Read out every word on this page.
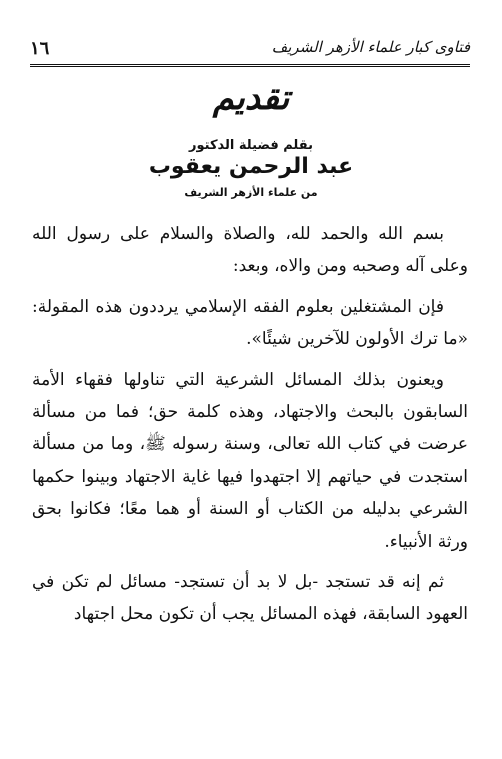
فتاوى كبار علماء الأزهر الشريف
١٦
تقديم
بقلم فضيلة الدكتور
عبد الرحمن يعقوب
من علماء الأزهر الشريف

بسم الله والحمد لله، والصلاة والسلام على رسول الله وعلى آله وصحبه ومن والاه، وبعد:

فإن المشتغلين بعلوم الفقه الإسلامي يرددون هذه المقولة: «ما ترك الأولون للآخرين شيئًا».

ويعنون بذلك المسائل الشرعية التي تناولها فقهاء الأمة السابقون بالبحث والاجتهاد، وهذه كلمة حق؛ فما من مسألة عرضت في كتاب الله تعالى، وسنة رسوله ﷺ، وما من مسألة استجدت في حياتهم إلا اجتهدوا فيها غاية الاجتهاد وبينوا حكمها الشرعي بدليله من الكتاب أو السنة أو هما معًا؛ فكانوا بحق ورثة الأنبياء.

ثم إنه قد تستجد -بل لا بد أن تستجد- مسائل لم تكن في العهود السابقة، فهذه المسائل يجب أن تكون محل اجتهاد
